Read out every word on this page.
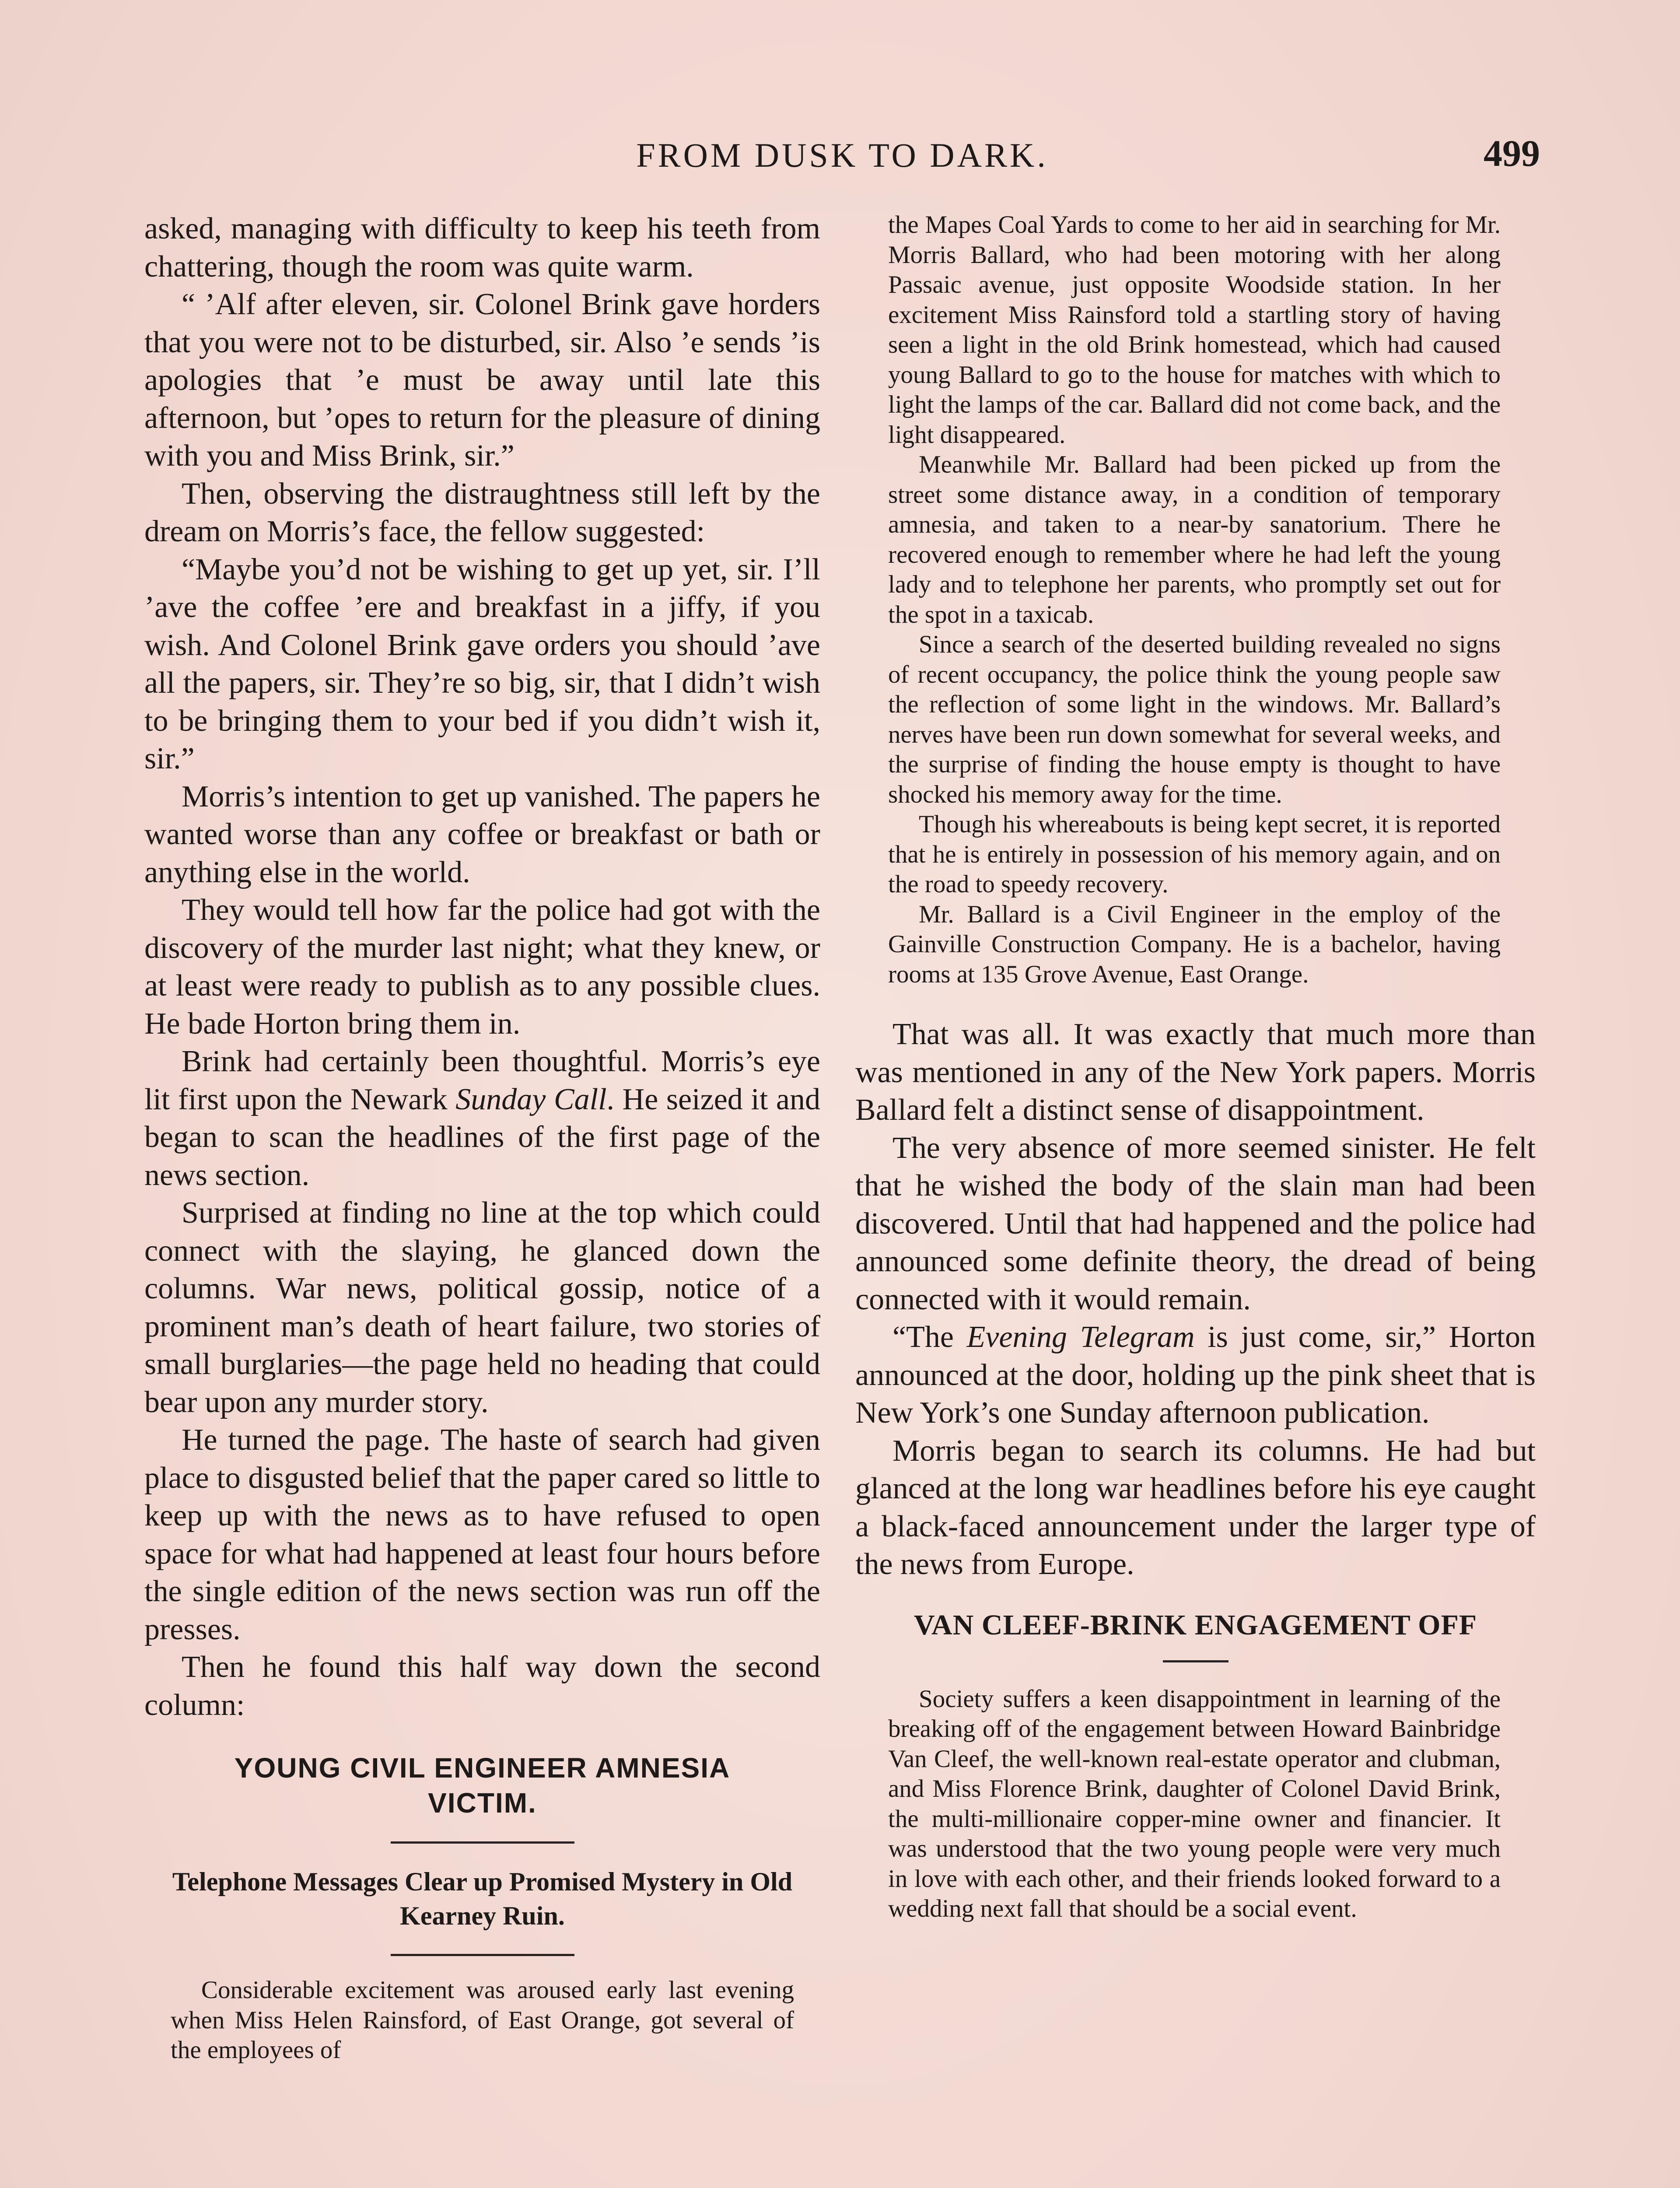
FROM DUSK TO DARK.	499

asked, managing with difficulty to keep his teeth from chattering, though the room was quite warm.

“ ’Alf after eleven, sir. Colonel Brink gave horders that you were not to be disturbed, sir. Also ’e sends ’is apologies that ’e must be away until late this afternoon, but ’opes to return for the pleasure of dining with you and Miss Brink, sir.”

Then, observing the distraughtness still left by the dream on Morris’s face, the fellow suggested:

“Maybe you’d not be wishing to get up yet, sir. I’ll ’ave the coffee ’ere and breakfast in a jiffy, if you wish. And Colonel Brink gave orders you should ’ave all the papers, sir. They’re so big, sir, that I didn’t wish to be bringing them to your bed if you didn’t wish it, sir.”

Morris’s intention to get up vanished. The papers he wanted worse than any coffee or breakfast or bath or anything else in the world.

They would tell how far the police had got with the discovery of the murder last night; what they knew, or at least were ready to publish as to any possible clues. He bade Horton bring them in.

Brink had certainly been thoughtful. Morris’s eye lit first upon the Newark Sunday Call. He seized it and began to scan the headlines of the first page of the news section.

Surprised at finding no line at the top which could connect with the slaying, he glanced down the columns. War news, political gossip, notice of a prominent man’s death of heart failure, two stories of small burglaries—the page held no heading that could bear upon any murder story.

He turned the page. The haste of search had given place to disgusted belief that the paper cared so little to keep up with the news as to have refused to open space for what had happened at least four hours before the single edition of the news section was run off the presses.

Then he found this half way down the second column:

YOUNG CIVIL ENGINEER AMNESIA VICTIM.
Telephone Messages Clear up Promised Mystery in Old Kearney Ruin.

Considerable excitement was aroused early last evening when Miss Helen Rainsford, of East Orange, got several of the employees of

the Mapes Coal Yards to come to her aid in searching for Mr. Morris Ballard, who had been motoring with her along Passaic avenue, just opposite Woodside station. In her excitement Miss Rainsford told a startling story of having seen a light in the old Brink homestead, which had caused young Ballard to go to the house for matches with which to light the lamps of the car. Ballard did not come back, and the light disappeared.

Meanwhile Mr. Ballard had been picked up from the street some distance away, in a condition of temporary amnesia, and taken to a near-by sanatorium. There he recovered enough to remember where he had left the young lady and to telephone her parents, who promptly set out for the spot in a taxicab.

Since a search of the deserted building revealed no signs of recent occupancy, the police think the young people saw the reflection of some light in the windows. Mr. Ballard’s nerves have been run down somewhat for several weeks, and the surprise of finding the house empty is thought to have shocked his memory away for the time.

Though his whereabouts is being kept secret, it is reported that he is entirely in possession of his memory again, and on the road to speedy recovery.

Mr. Ballard is a Civil Engineer in the employ of the Gainville Construction Company. He is a bachelor, having rooms at 135 Grove Avenue, East Orange.

That was all. It was exactly that much more than was mentioned in any of the New York papers. Morris Ballard felt a distinct sense of disappointment.

The very absence of more seemed sinister. He felt that he wished the body of the slain man had been discovered. Until that had happened and the police had announced some definite theory, the dread of being connected with it would remain.

“The Evening Telegram is just come, sir,” Horton announced at the door, holding up the pink sheet that is New York’s one Sunday afternoon publication.

Morris began to search its columns. He had but glanced at the long war headlines before his eye caught a black-faced announcement under the larger type of the news from Europe.

VAN CLEEF-BRINK ENGAGEMENT OFF

Society suffers a keen disappointment in learning of the breaking off of the engagement between Howard Bainbridge Van Cleef, the well-known real-estate operator and clubman, and Miss Florence Brink, daughter of Colonel David Brink, the multi-millionaire copper-mine owner and financier. It was understood that the two young people were very much in love with each other, and their friends looked forward to a wedding next fall that should be a social event.
